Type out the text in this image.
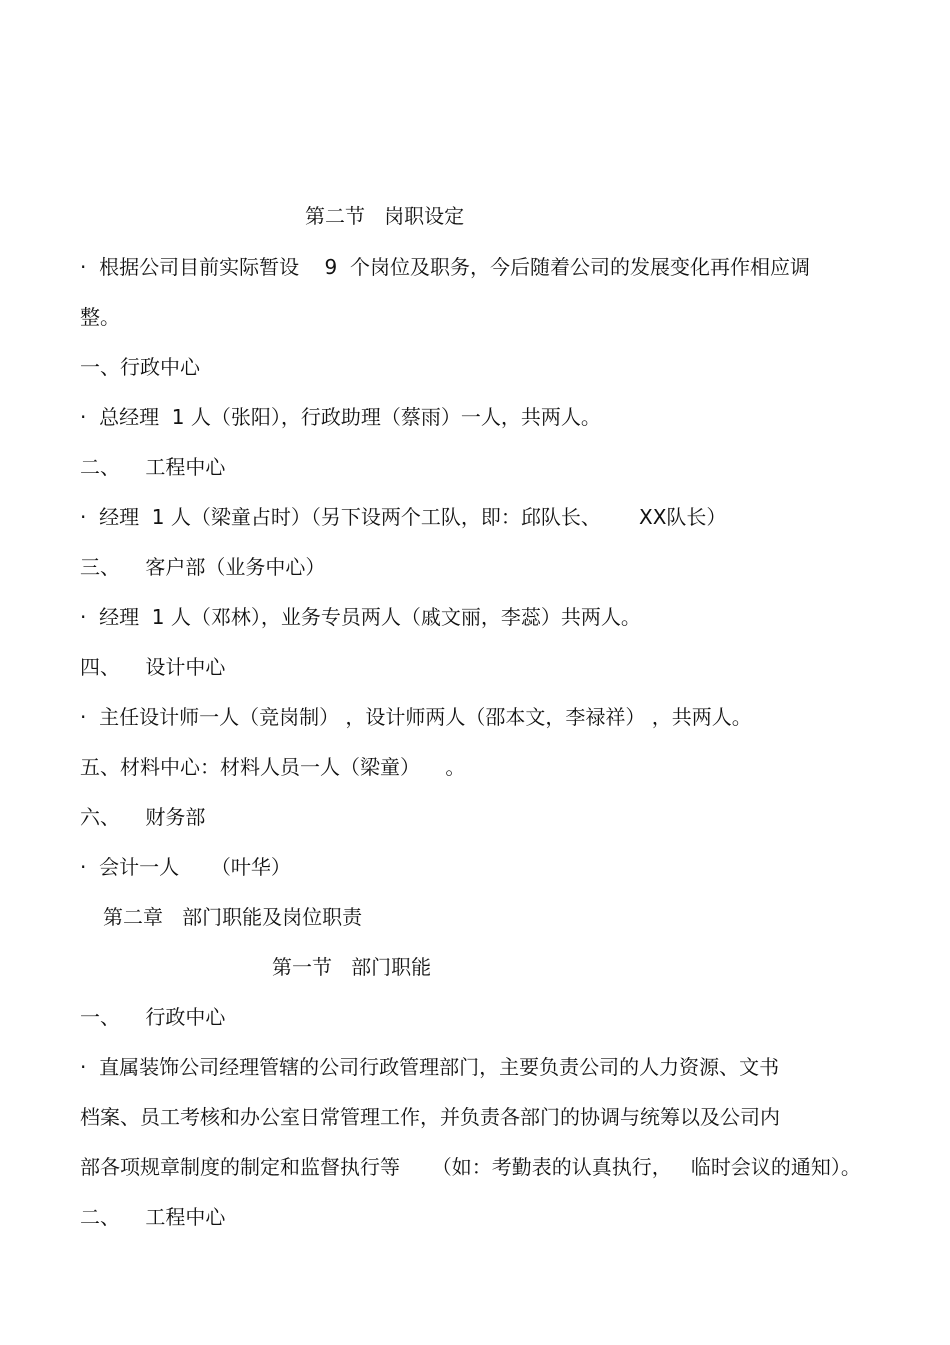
第二节   岗职设定
·  根据公司目前实际暂设    9  个岗位及职务，今后随着公司的发展变化再作相应调
整。
一、行政中心
·  总经理  1 人（张阳），行政助理（蔡雨）一人，共两人。
二、    工程中心
·  经理  1 人（梁童占时）（另下设两个工队，即：邱队长、      XX队长）
三、    客户部（业务中心）
·  经理  1 人（邓林），业务专员两人（戚文丽，李蕊）共两人。
四、    设计中心
·  主任设计师一人（竞岗制） ，设计师两人（邵本文，李禄祥） ，共两人。
五、材料中心：材料人员一人（梁童）    。
六、    财务部
·  会计一人     （叶华）
第二章   部门职能及岗位职责
第一节   部门职能
一、    行政中心
·  直属装饰公司经理管辖的公司行政管理部门，主要负责公司的人力资源、文书
档案、员工考核和办公室日常管理工作，并负责各部门的协调与统筹以及公司内
部各项规章制度的制定和监督执行等     （如：考勤表的认真执行，   临时会议的通知）。
二、    工程中心
